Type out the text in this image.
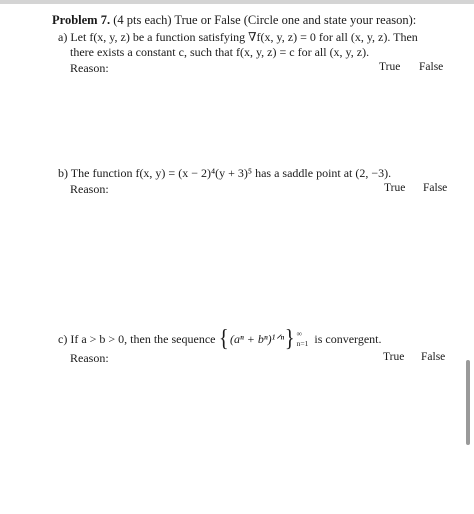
Problem 7. (4 pts each) True or False (Circle one and state your reason):
a) Let f(x, y, z) be a function satisfying ∇f(x, y, z) = 0 for all (x, y, z). Then
there exists a constant c, such that f(x, y, z) = c for all (x, y, z).
Reason:	True False
b) The function f(x, y) = (x − 2)⁴(y + 3)⁵ has a saddle point at (2, −3).
Reason:	True False
c)
If a > b > 0, then the sequence
{ (aⁿ + bⁿ)¹ᐟⁿ } ∞
n=1
is convergent.
Reason:	True False
